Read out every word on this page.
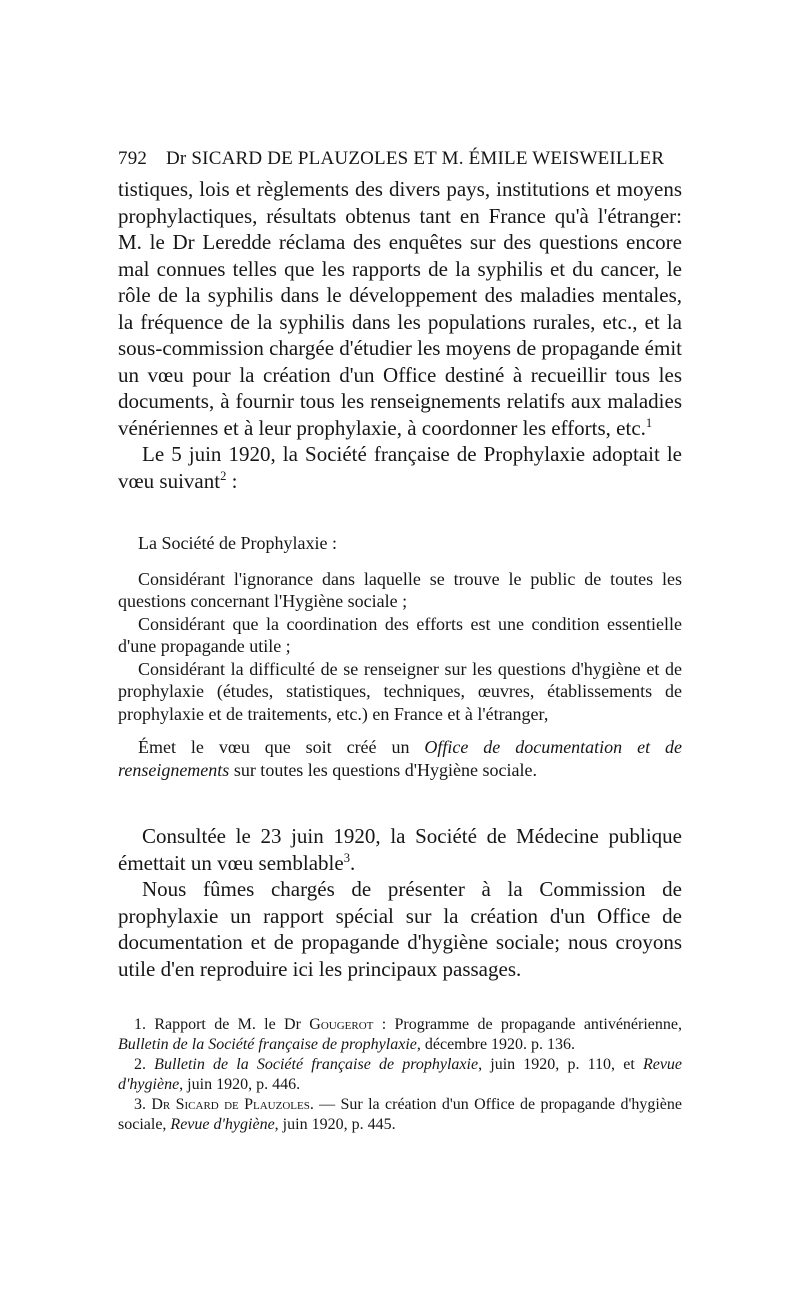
792 Dr SICARD DE PLAUZOLES ET M. ÉMILE WEISWEILLER

tistiques, lois et règlements des divers pays, institutions et moyens prophylactiques, résultats obtenus tant en France qu'à l'étranger: M. le Dr Leredde réclama des enquêtes sur des questions encore mal connues telles que les rapports de la syphilis et du cancer, le rôle de la syphilis dans le développement des maladies mentales, la fréquence de la syphilis dans les populations rurales, etc., et la sous-commission chargée d'étudier les moyens de propagande émit un vœu pour la création d'un Office destiné à recueillir tous les documents, à fournir tous les renseignements relatifs aux maladies vénériennes et à leur prophylaxie, à coordonner les efforts, etc.$^1$

Le 5 juin 1920, la Société française de Prophylaxie adoptait le vœu suivant$^2$ :

La Société de Prophylaxie :

Considérant l'ignorance dans laquelle se trouve le public de toutes les questions concernant l'Hygiène sociale ;

Considérant que la coordination des efforts est une condition essentielle d'une propagande utile ;

Considérant la difficulté de se renseigner sur les questions d'hygiène et de prophylaxie (études, statistiques, techniques, œuvres, établissements de prophylaxie et de traitements, etc.) en France et à l'étranger,

Émet le vœu que soit créé un Office de documentation et de renseignements sur toutes les questions d'Hygiène sociale.

Consultée le 23 juin 1920, la Société de Médecine publique émettait un vœu semblable$^3$.

Nous fûmes chargés de présenter à la Commission de prophylaxie un rapport spécial sur la création d'un Office de documentation et de propagande d'hygiène sociale; nous croyons utile d'en reproduire ici les principaux passages.

1. Rapport de M. le Dr Gougerot : Programme de propagande antivénérienne, Bulletin de la Société française de prophylaxie, décembre 1920. p. 136.

2. Bulletin de la Société française de prophylaxie, juin 1920, p. 110, et Revue d'hygiène, juin 1920, p. 446.

3. Dr Sicard de Plauzoles. — Sur la création d'un Office de propagande d'hygiène sociale, Revue d'hygiène, juin 1920, p. 445.
